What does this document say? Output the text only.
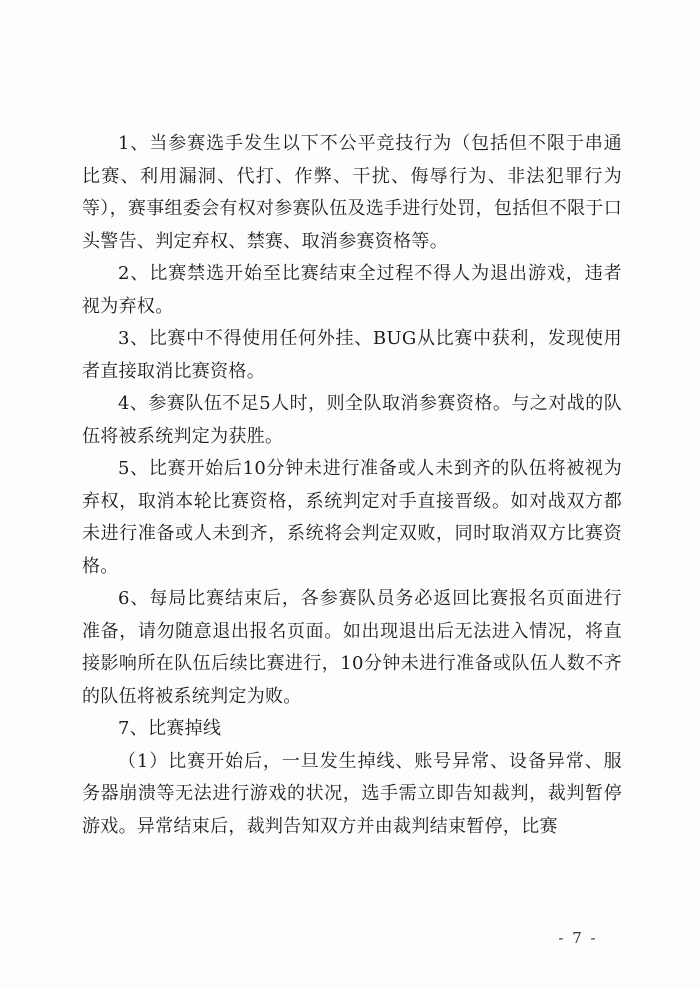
1、当参赛选手发生以下不公平竞技行为（包括但不限于串通比赛、利用漏洞、代打、作弊、干扰、侮辱行为、非法犯罪行为等），赛事组委会有权对参赛队伍及选手进行处罚，包括但不限于口头警告、判定弃权、禁赛、取消参赛资格等。

2、比赛禁选开始至比赛结束全过程不得人为退出游戏，违者视为弃权。

3、比赛中不得使用任何外挂、BUG从比赛中获利，发现使用者直接取消比赛资格。

4、参赛队伍不足5人时，则全队取消参赛资格。与之对战的队伍将被系统判定为获胜。

5、比赛开始后10分钟未进行准备或人未到齐的队伍将被视为弃权，取消本轮比赛资格，系统判定对手直接晋级。如对战双方都未进行准备或人未到齐，系统将会判定双败，同时取消双方比赛资格。

6、每局比赛结束后，各参赛队员务必返回比赛报名页面进行准备，请勿随意退出报名页面。如出现退出后无法进入情况，将直接影响所在队伍后续比赛进行，10分钟未进行准备或队伍人数不齐的队伍将被系统判定为败。

7、比赛掉线

（1）比赛开始后，一旦发生掉线、账号异常、设备异常、服务器崩溃等无法进行游戏的状况，选手需立即告知裁判，裁判暂停游戏。异常结束后，裁判告知双方并由裁判结束暂停，比赛

- 7 -
